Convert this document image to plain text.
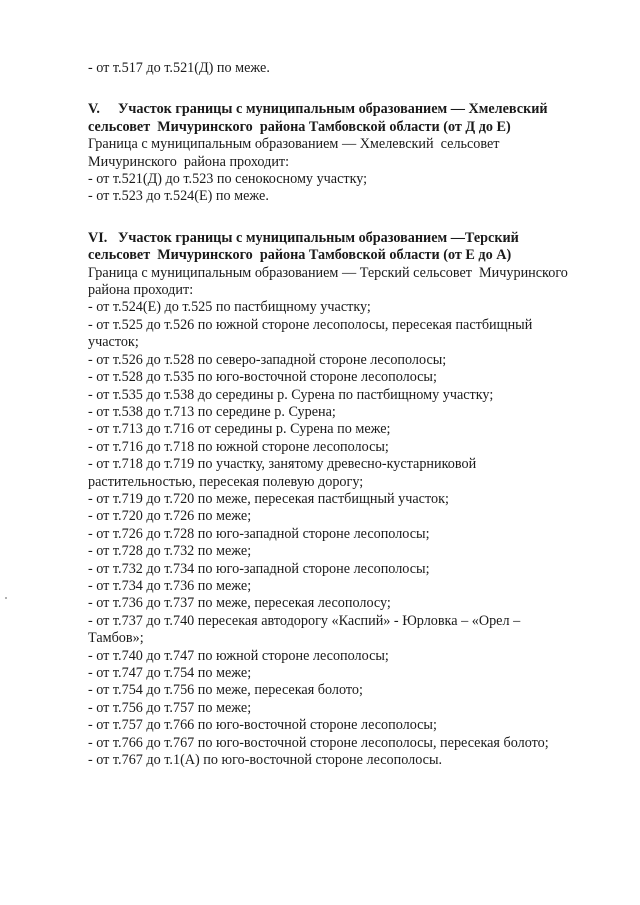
- от т.517 до т.521(Д) по меже.
V. Участок границы с муниципальным образованием — Хмелевский
сельсовет  Мичуринского  района Тамбовской области (от Д до Е)
Граница с муниципальным образованием — Хмелевский  сельсовет
Мичуринского  района проходит:
- от т.521(Д) до т.523 по сенокосному участку;
- от т.523 до т.524(Е) по меже.
VI. Участок границы с муниципальным образованием —Терский
сельсовет  Мичуринского  района Тамбовской области (от Е до А)
Граница с муниципальным образованием — Терский сельсовет  Мичуринского
района проходит:
- от т.524(Е) до т.525 по пастбищному участку;
- от т.525 до т.526 по южной стороне лесополосы, пересекая пастбищный
участок;
- от т.526 до т.528 по северо-западной стороне лесополосы;
- от т.528 до т.535 по юго-восточной стороне лесополосы;
- от т.535 до т.538 до середины р. Сурена по пастбищному участку;
- от т.538 до т.713 по середине р. Сурена;
- от т.713 до т.716 от середины р. Сурена по меже;
- от т.716 до т.718 по южной стороне лесополосы;
- от т.718 до т.719 по участку, занятому древесно-кустарниковой
растительностью, пересекая полевую дорогу;
- от т.719 до т.720 по меже, пересекая пастбищный участок;
- от т.720 до т.726 по меже;
- от т.726 до т.728 по юго-западной стороне лесополосы;
- от т.728 до т.732 по меже;
- от т.732 до т.734 по юго-западной стороне лесополосы;
- от т.734 до т.736 по меже;
- от т.736 до т.737 по меже, пересекая лесополосу;
- от т.737 до т.740 пересекая автодорогу «Каспий» - Юрловка – «Орел –
Тамбов»;
- от т.740 до т.747 по южной стороне лесополосы;
- от т.747 до т.754 по меже;
- от т.754 до т.756 по меже, пересекая болото;
- от т.756 до т.757 по меже;
- от т.757 до т.766 по юго-восточной стороне лесополосы;
- от т.766 до т.767 по юго-восточной стороне лесополосы, пересекая болото;
- от т.767 до т.1(А) по юго-восточной стороне лесополосы.
